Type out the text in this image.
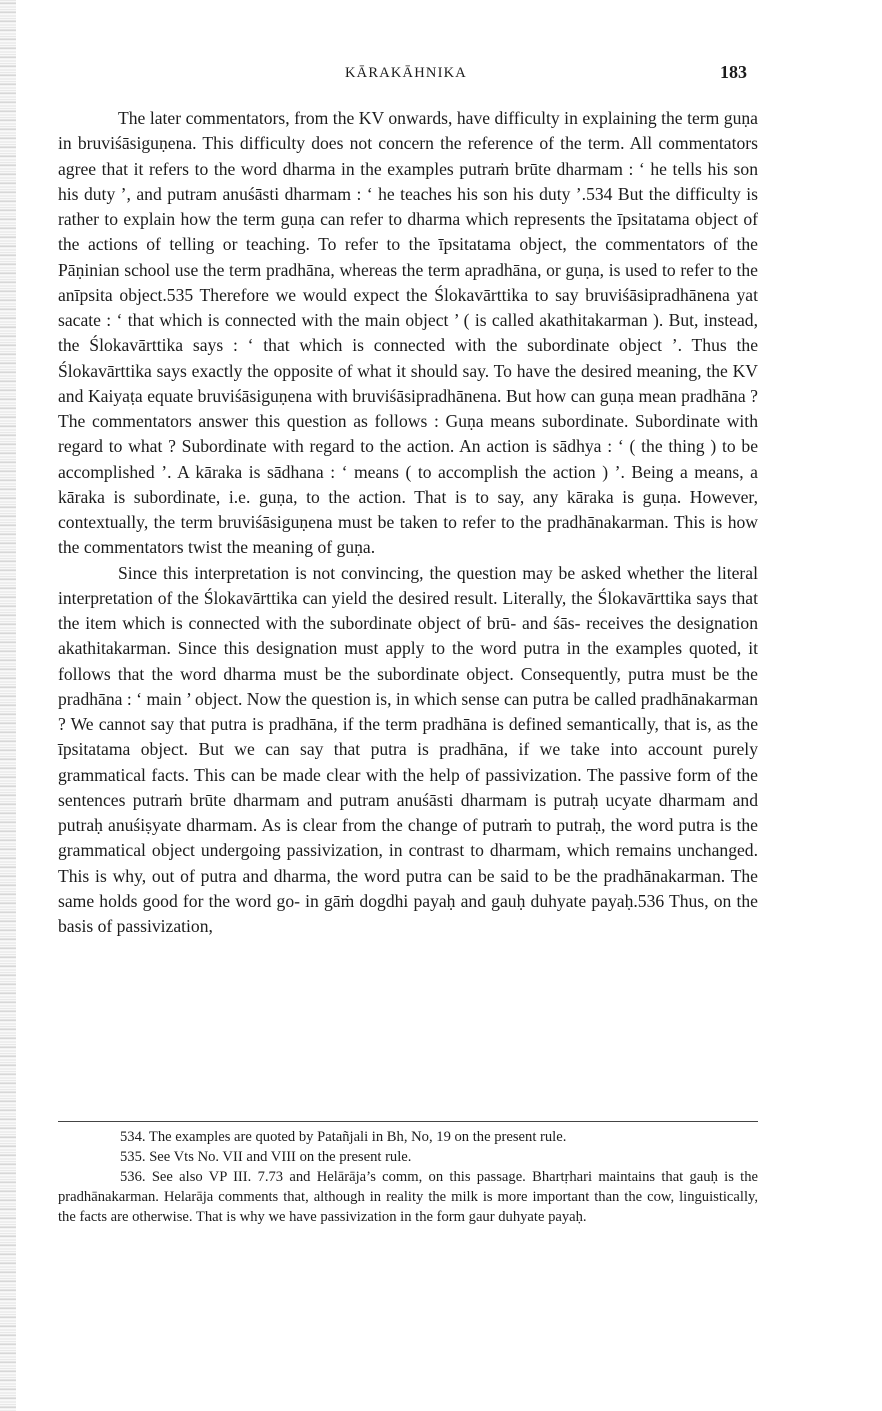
KĀRAKĀHNIKA	183

The later commentators, from the KV onwards, have difficulty in explaining the term guṇa in bruviśāsiguṇena. This difficulty does not concern the reference of the term. All commentators agree that it refers to the word dharma in the examples putraṁ brūte dharmam : ‘ he tells his son his duty ’, and putram anuśāsti dharmam : ‘ he teaches his son his duty ’.534 But the difficulty is rather to explain how the term guṇa can refer to dharma which represents the īpsitatama object of the actions of telling or teaching. To refer to the īpsitatama object, the commentators of the Pāṇinian school use the term pradhāna, whereas the term apradhāna, or guṇa, is used to refer to the anīpsita object.535 Therefore we would expect the Ślokavārttika to say bruviśāsipradhānena yat sacate : ‘ that which is connected with the main object ’ ( is called akathitakarman ). But, instead, the Ślokavārttika says : ‘ that which is connected with the subordinate object ’. Thus the Ślokavārttika says exactly the opposite of what it should say. To have the desired meaning, the KV and Kaiyaṭa equate bruviśāsiguṇena with bruviśāsipradhānena. But how can guṇa mean pradhāna ? The commentators answer this question as follows : Guṇa means subordinate. Subordinate with regard to what ? Subordinate with regard to the action. An action is sādhya : ‘ ( the thing ) to be accomplished ’. A kāraka is sādhana : ‘ means ( to accomplish the action ) ’. Being a means, a kāraka is subordinate, i.e. guṇa, to the action. That is to say, any kāraka is guṇa. However, contextually, the term bruviśāsiguṇena must be taken to refer to the pradhānakarman. This is how the commentators twist the meaning of guṇa.

Since this interpretation is not convincing, the question may be asked whether the literal interpretation of the Ślokavārttika can yield the desired result. Literally, the Ślokavārttika says that the item which is connected with the subordinate object of brū- and śās- receives the designation akathitakarman. Since this designation must apply to the word putra in the examples quoted, it follows that the word dharma must be the subordinate object. Consequently, putra must be the pradhāna : ‘ main ’ object. Now the question is, in which sense can putra be called pradhānakarman ? We cannot say that putra is pradhāna, if the term pradhāna is defined semantically, that is, as the īpsitatama object. But we can say that putra is pradhāna, if we take into account purely grammatical facts. This can be made clear with the help of passivization. The passive form of the sentences putraṁ brūte dharmam and putram anuśāsti dharmam is putraḥ ucyate dharmam and putraḥ anuśiṣyate dharmam. As is clear from the change of putraṁ to putraḥ, the word putra is the grammatical object undergoing passivization, in contrast to dharmam, which remains unchanged. This is why, out of putra and dharma, the word putra can be said to be the pradhānakarman. The same holds good for the word go- in gāṁ dogdhi payaḥ and gauḥ duhyate payaḥ.536 Thus, on the basis of passivization,

534. The examples are quoted by Patañjali in Bh, No, 19 on the present rule.

535. See Vts No. VII and VIII on the present rule.

536. See also VP III. 7.73 and Helārāja’s comm, on this passage. Bhartṛhari maintains that gauḥ is the pradhānakarman. Helarāja comments that, although in reality the milk is more important than the cow, linguistically, the facts are otherwise. That is why we have passivization in the form gaur duhyate payaḥ.
